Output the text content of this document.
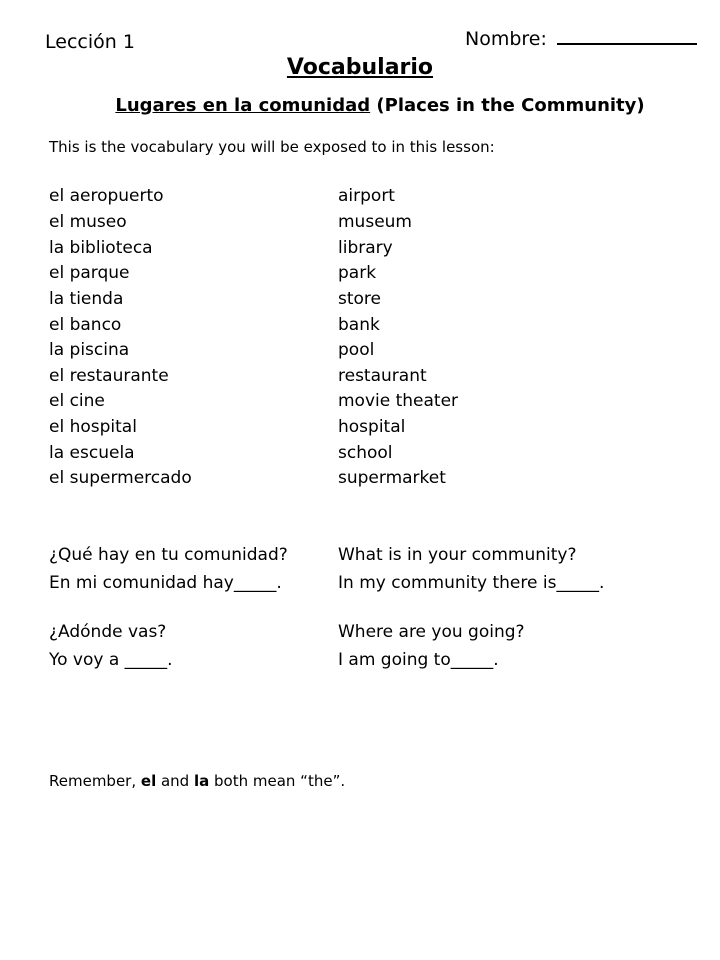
Lección 1	Nombre:
Vocabulario
Lugares en la comunidad (Places in the Community)
This is the vocabulary you will be exposed to in this lesson:
el aeropuerto	airport
el museo	museum
la biblioteca	library
el parque	park
la tienda	store
el banco	bank
la piscina	pool
el restaurante	restaurant
el cine	movie theater
el hospital	hospital
la escuela	school
el supermercado	supermarket
¿Qué hay en tu comunidad?	What is in your community?
En mi comunidad hay_____.	In my community there is_____.
¿Adónde vas?	Where are you going?
Yo voy a _____.	I am going to_____.
Remember, el and la both mean “the”.
